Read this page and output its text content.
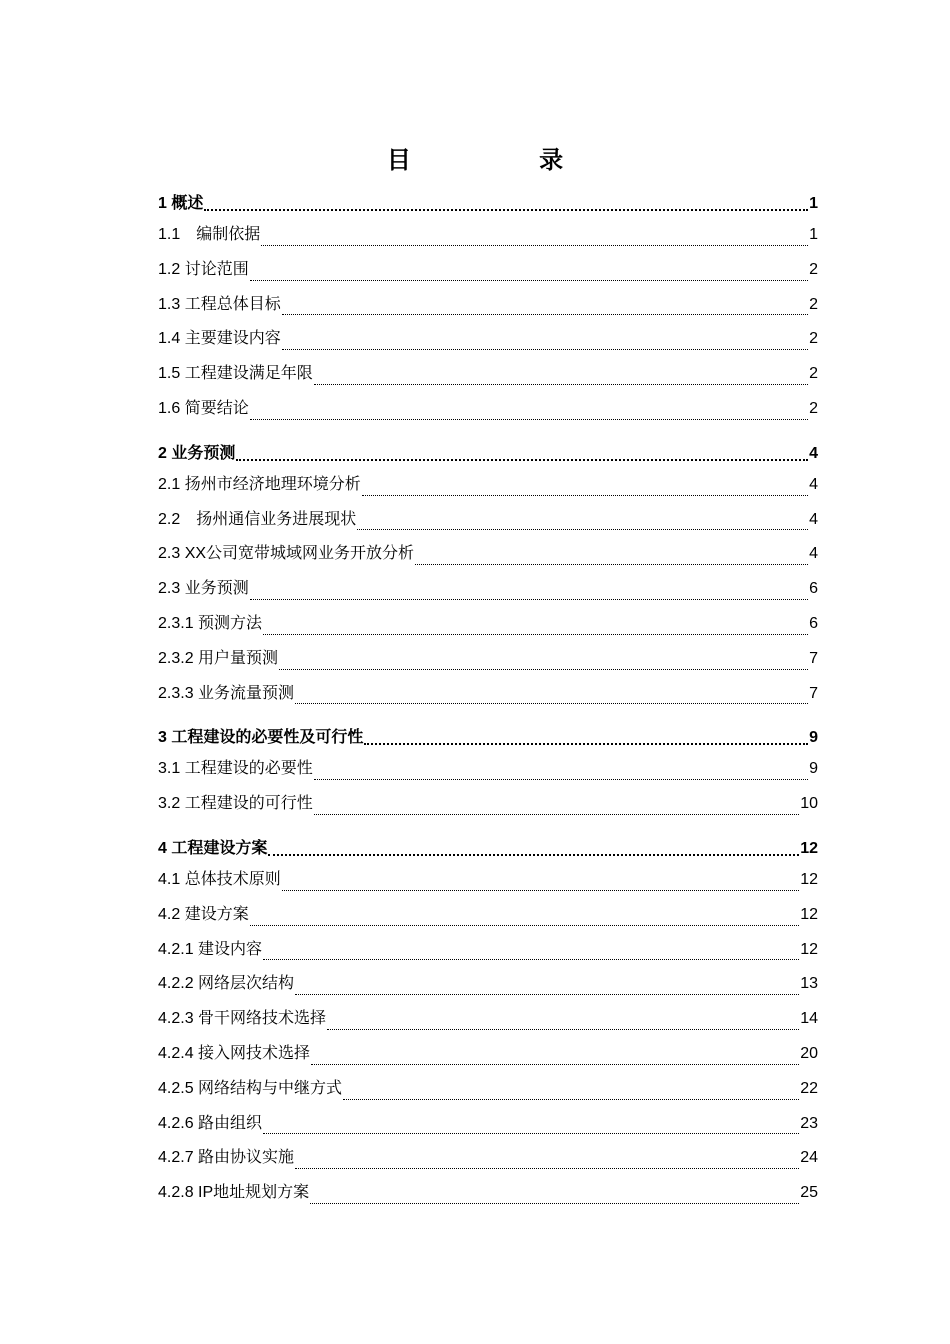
目 录
1 概述	1
1.1　编制依据	1
1.2 讨论范围	2
1.3 工程总体目标	2
1.4 主要建设内容	2
1.5 工程建设满足年限	2
1.6 简要结论	2
2 业务预测	4
2.1 扬州市经济地理环境分析	4
2.2　扬州通信业务进展现状	4
2.3 XX公司宽带城域网业务开放分析	4
2.3 业务预测	6
2.3.1 预测方法	6
2.3.2 用户量预测	7
2.3.3 业务流量预测	7
3 工程建设的必要性及可行性	9
3.1 工程建设的必要性	9
3.2 工程建设的可行性	10
4 工程建设方案	12
4.1 总体技术原则	12
4.2 建设方案	12
4.2.1 建设内容	12
4.2.2 网络层次结构	13
4.2.3 骨干网络技术选择	14
4.2.4 接入网技术选择	20
4.2.5 网络结构与中继方式	22
4.2.6 路由组织	23
4.2.7 路由协议实施	24
4.2.8 IP地址规划方案	25
